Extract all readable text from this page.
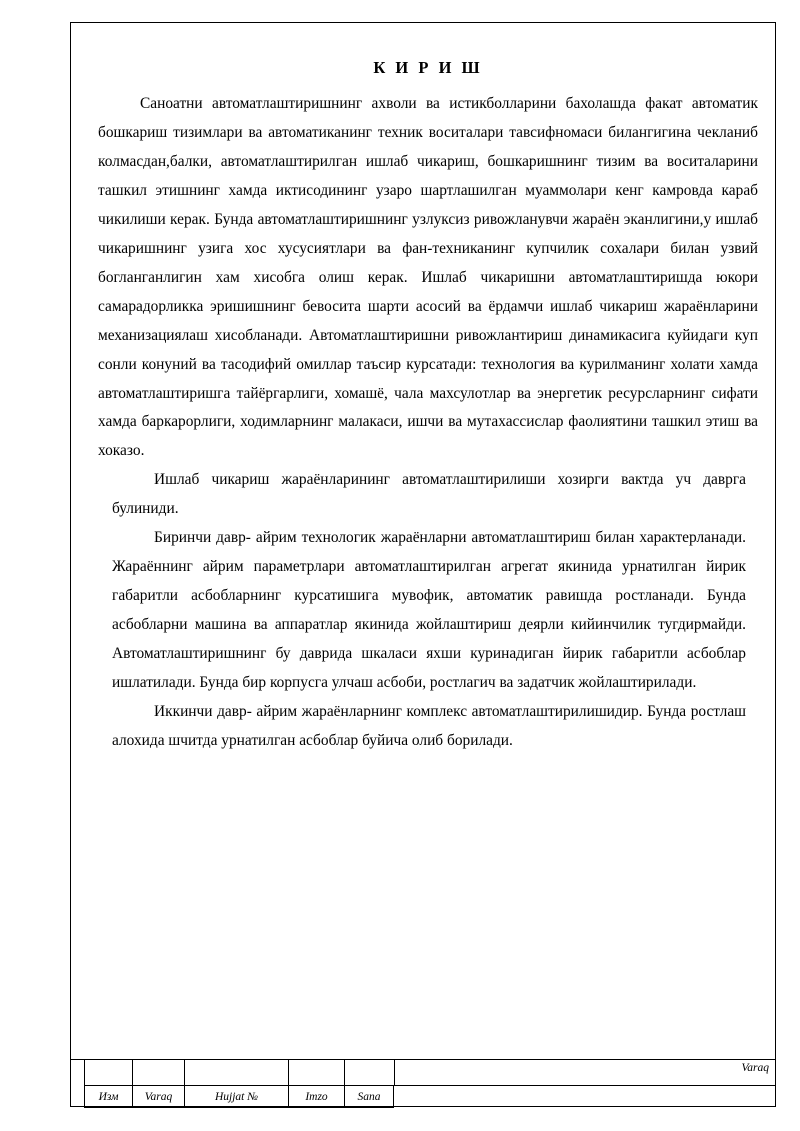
К И Р И Ш

Саноатни автоматлаштиришнинг ахволи ва истикболларини бахолашда факат автоматик бошкариш тизимлари ва автоматиканинг техник воситалари тавсифномаси билангигина чекланиб колмасдан,балки, автоматлаштирилган ишлаб чикариш, бошкаришнинг тизим ва воситаларини ташкил этишнинг хамда иктисодининг узаро шартлашилган муаммолари кенг камровда караб чикилиши керак. Бунда автоматлаштиришнинг узлуксиз ривожланувчи жараён эканлигини,у ишлаб чикаришнинг узига хос хусусиятлари ва фан-техниканинг купчилик сохалари билан узвий богланганлигин хам хисобга олиш керак. Ишлаб чикаришни автоматлаштиришда юкори самарадорликка эришишнинг бевосита шарти асосий ва ёрдамчи ишлаб чикариш жараёнларини механизациялаш хисобланади. Автоматлаштиришни ривожлантириш динамикасига куйидаги куп сонли конуний ва тасодифий омиллар таъсир курсатади: технология ва курилманинг холати хамда автоматлаштиришга тайёргарлиги, хомашё, чала махсулотлар ва энергетик ресурсларнинг сифати хамда баркарорлиги, ходимларнинг малакаси, ишчи ва мутахассислар фаолиятини ташкил этиш ва хоказо.

Ишлаб чикариш жараёнларининг автоматлаштирилиши хозирги вактда уч даврга булиниди.

Биринчи давр- айрим технологик жараёнларни автоматлаштириш билан характерланади. Жараённинг айрим параметрлари автоматлаштирилган агрегат якинида урнатилган йирик габаритли асбобларнинг курсатишига мувофик, автоматик равишда ростланади. Бунда асбобларни машина ва аппаратлар якинида жойлаштириш деярли кийинчилик тугдирмайди. Автоматлаштиришнинг бу даврида шкаласи яхши куринадиган йирик габаритли асбоблар ишлатилади. Бунда бир корпусга улчаш асбоби, ростлагич ва задатчик жойлаштирилади.

Иккинчи давр- айрим жараёнларнинг комплекс автоматлаштирилишидир. Бунда ростлаш алохида шчитда урнатилган асбоблар буйича олиб борилади.

Varaq
Изм	Varaq	Hujjat №	Imzo	Sana
